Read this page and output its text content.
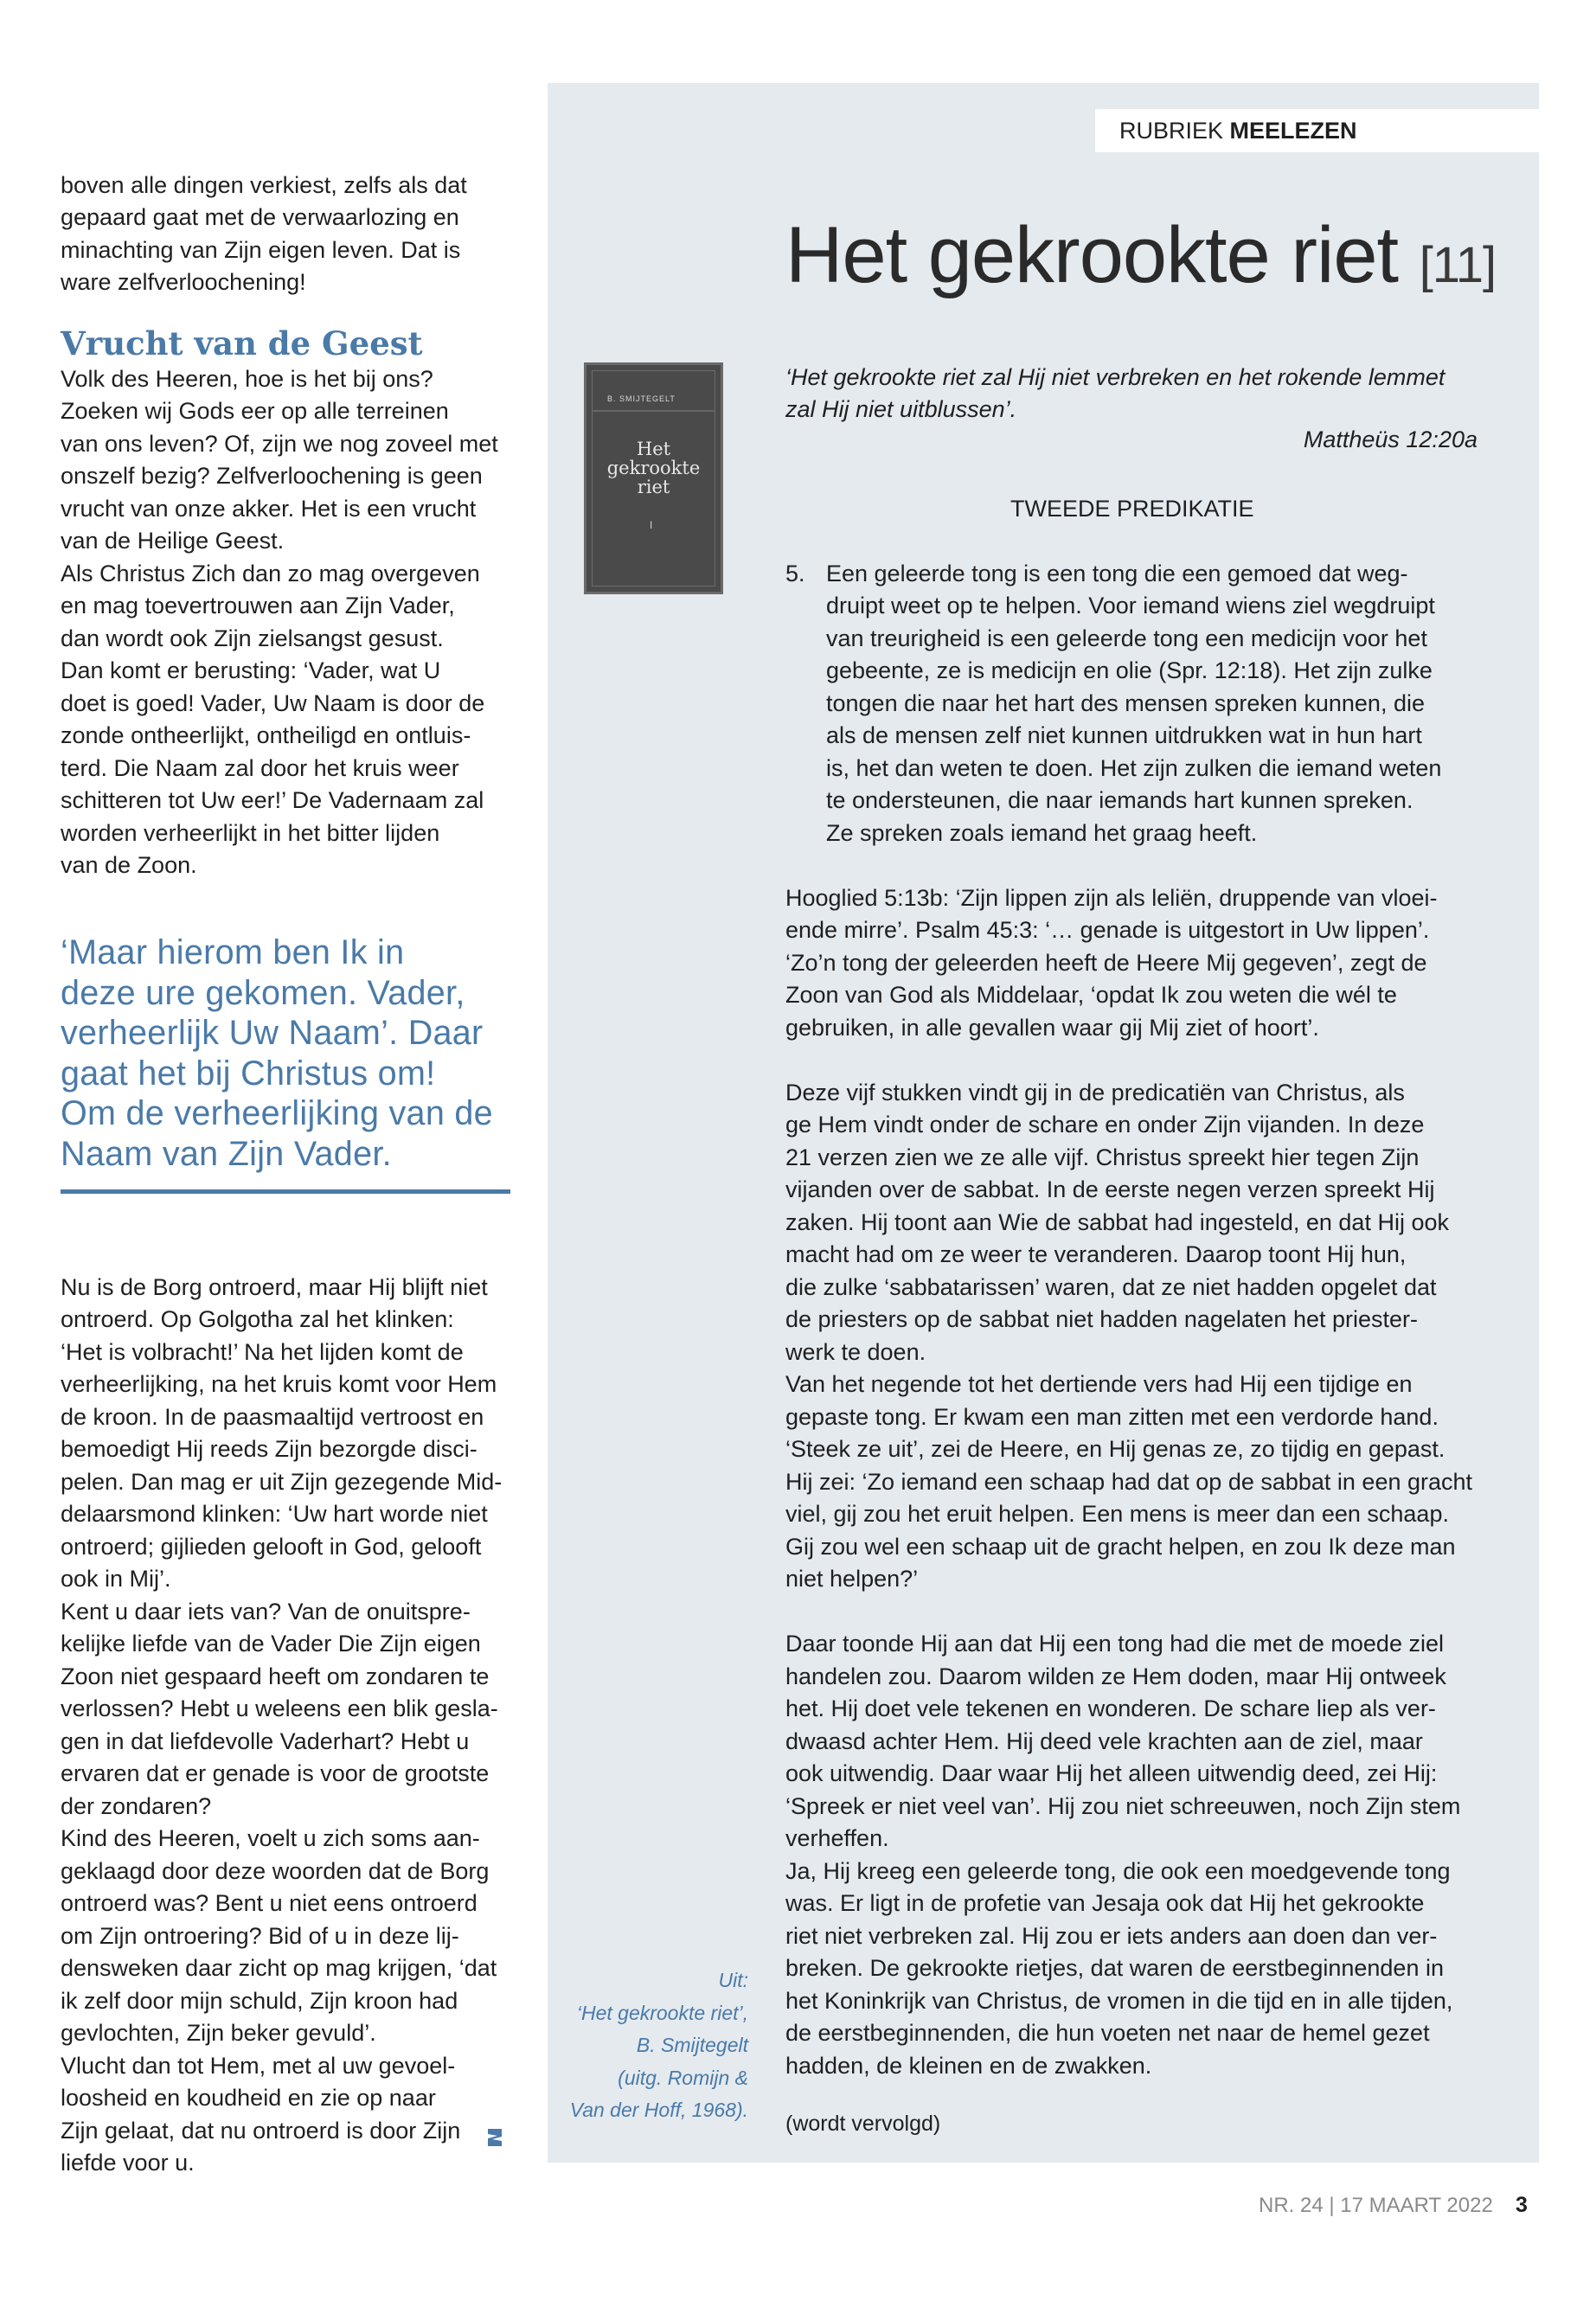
boven alle dingen verkiest, zelfs als dat

gepaard gaat met de verwaarlozing en

minachting van Zijn eigen leven. Dat is

ware zelfverloochening!

Vrucht van de Geest

Volk des Heeren, hoe is het bij ons?

Zoeken wij Gods eer op alle terreinen

van ons leven? Of, zijn we nog zoveel met

onszelf bezig? Zelfverloochening is geen

vrucht van onze akker. Het is een vrucht

van de Heilige Geest.

Als Christus Zich dan zo mag overgeven

en mag toevertrouwen aan Zijn Vader,

dan wordt ook Zijn zielsangst gesust.

Dan komt er berusting: ‘Vader, wat U

doet is goed! Vader, Uw Naam is door de

zonde ontheerlijkt, ontheiligd en ontluis-

terd. Die Naam zal door het kruis weer

schitteren tot Uw eer!’ De Vadernaam zal

worden verheerlijkt in het bitter lijden

van de Zoon.

‘Maar hierom ben Ik in

deze ure gekomen. Vader,

verheerlijk Uw Naam’. Daar

gaat het bij Christus om!

Om de verheerlijking van de

Naam van Zijn Vader.

Nu is de Borg ontroerd, maar Hij blijft niet

ontroerd. Op Golgotha zal het klinken:

‘Het is volbracht!’ Na het lijden komt de

verheerlijking, na het kruis komt voor Hem

de kroon. In de paasmaaltijd vertroost en

bemoedigt Hij reeds Zijn bezorgde disci-

pelen. Dan mag er uit Zijn gezegende Mid-

delaarsmond klinken: ‘Uw hart worde niet

ontroerd; gijlieden gelooft in God, gelooft

ook in Mij’.

Kent u daar iets van? Van de onuitspre-

kelijke liefde van de Vader Die Zijn eigen

Zoon niet gespaard heeft om zondaren te

verlossen? Hebt u weleens een blik gesla-

gen in dat liefdevolle Vaderhart? Hebt u

ervaren dat er genade is voor de grootste

der zondaren?

Kind des Heeren, voelt u zich soms aan-

geklaagd door deze woorden dat de Borg

ontroerd was? Bent u niet eens ontroerd

om Zijn ontroering? Bid of u in deze lij-

densweken daar zicht op mag krijgen, ‘dat

ik zelf door mijn schuld, Zijn kroon had

gevlochten, Zijn beker gevuld’.

Vlucht dan tot Hem, met al uw gevoel-

loosheid en koudheid en zie op naar

Zijn gelaat, dat nu ontroerd is door Zijn

liefde voor u.

RUBRIEK MEELEZEN
Het gekrookte riet [11]
B. SMIJTEGELT
Het
gekrookte
riet
I

Uit:

‘Het gekrookte riet’,

B. Smijtegelt

(uitg. Romijn &

Van der Hoff, 1968).

‘Het gekrookte riet zal Hij niet verbreken en het rokende lemmet

zal Hij niet uitblussen’.

Mattheüs 12:20a

TWEEDE PREDIKATIE

5. Een geleerde tong is een tong die een gemoed dat weg-

druipt weet op te helpen. Voor iemand wiens ziel wegdruipt

van treurigheid is een geleerde tong een medicijn voor het

gebeente, ze is medicijn en olie (Spr. 12:18). Het zijn zulke

tongen die naar het hart des mensen spreken kunnen, die

als de mensen zelf niet kunnen uitdrukken wat in hun hart

is, het dan weten te doen. Het zijn zulken die iemand weten

te ondersteunen, die naar iemands hart kunnen spreken.

Ze spreken zoals iemand het graag heeft.

Hooglied 5:13b: ‘Zijn lippen zijn als leliën, druppende van vloei-

ende mirre’. Psalm 45:3: ‘… genade is uitgestort in Uw lippen’.

‘Zo’n tong der geleerden heeft de Heere Mij gegeven’, zegt de

Zoon van God als Middelaar, ‘opdat Ik zou weten die wél te

gebruiken, in alle gevallen waar gij Mij ziet of hoort’.

Deze vijf stukken vindt gij in de predicatiën van Christus, als

ge Hem vindt onder de schare en onder Zijn vijanden. In deze

21 verzen zien we ze alle vijf. Christus spreekt hier tegen Zijn

vijanden over de sabbat. In de eerste negen verzen spreekt Hij

zaken. Hij toont aan Wie de sabbat had ingesteld, en dat Hij ook

macht had om ze weer te veranderen. Daarop toont Hij hun,

die zulke ‘sabbatarissen’ waren, dat ze niet hadden opgelet dat

de priesters op de sabbat niet hadden nagelaten het priester-

werk te doen.

Van het negende tot het dertiende vers had Hij een tijdige en

gepaste tong. Er kwam een man zitten met een verdorde hand.

‘Steek ze uit’, zei de Heere, en Hij genas ze, zo tijdig en gepast.

Hij zei: ‘Zo iemand een schaap had dat op de sabbat in een gracht

viel, gij zou het eruit helpen. Een mens is meer dan een schaap.

Gij zou wel een schaap uit de gracht helpen, en zou Ik deze man

niet helpen?’

Daar toonde Hij aan dat Hij een tong had die met de moede ziel

handelen zou. Daarom wilden ze Hem doden, maar Hij ontweek

het. Hij doet vele tekenen en wonderen. De schare liep als ver-

dwaasd achter Hem. Hij deed vele krachten aan de ziel, maar

ook uitwendig. Daar waar Hij het alleen uitwendig deed, zei Hij:

‘Spreek er niet veel van’. Hij zou niet schreeuwen, noch Zijn stem

verheffen.

Ja, Hij kreeg een geleerde tong, die ook een moedgevende tong

was. Er ligt in de profetie van Jesaja ook dat Hij het gekrookte

riet niet verbreken zal. Hij zou er iets anders aan doen dan ver-

breken. De gekrookte rietjes, dat waren de eerstbeginnenden in

het Koninkrijk van Christus, de vromen in die tijd en in alle tijden,

de eerstbeginnenden, die hun voeten net naar de hemel gezet

hadden, de kleinen en de zwakken.

(wordt vervolgd)

NR. 24 | 17 MAART 2022 3
